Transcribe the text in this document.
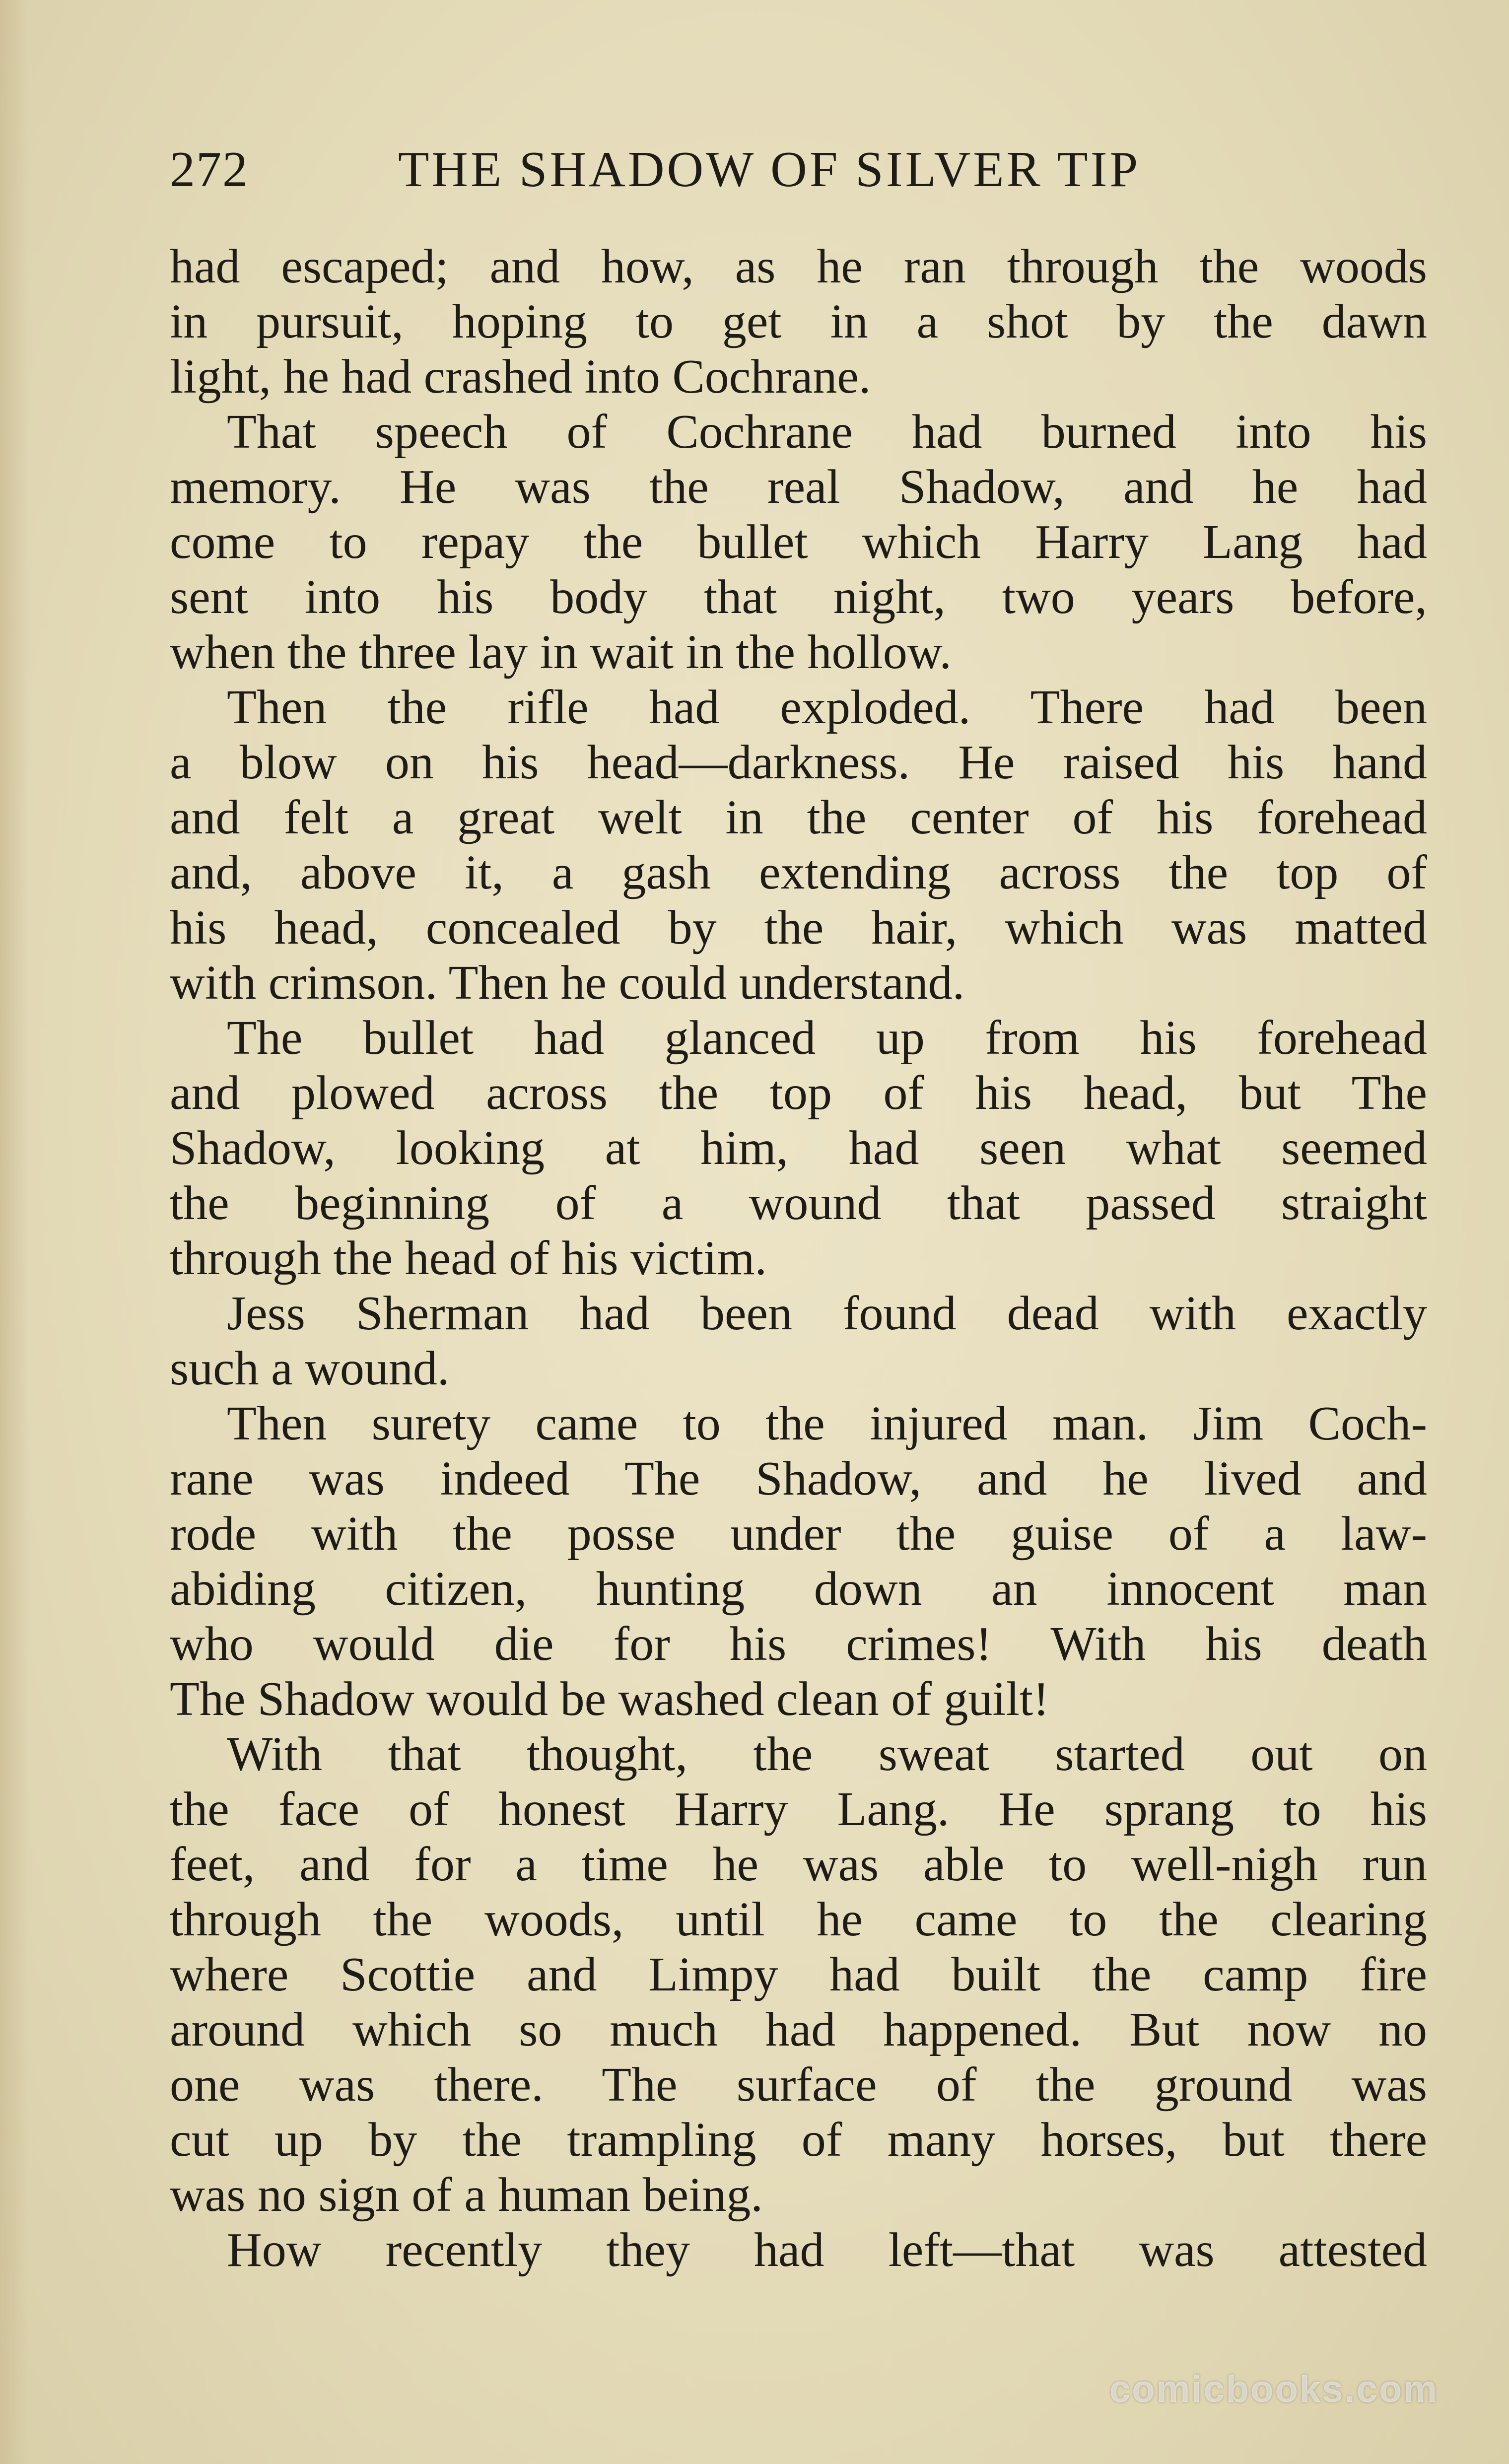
272	THE SHADOW OF SILVER TIP
had escaped; and how, as he ran through the woods
in pursuit, hoping to get in a shot by the dawn
light, he had crashed into Cochrane.
That speech of Cochrane had burned into his
memory. He was the real Shadow, and he had
come to repay the bullet which Harry Lang had
sent into his body that night, two years before,
when the three lay in wait in the hollow.
Then the rifle had exploded. There had been
a blow on his head—darkness. He raised his hand
and felt a great welt in the center of his forehead
and, above it, a gash extending across the top of
his head, concealed by the hair, which was matted
with crimson. Then he could understand.
The bullet had glanced up from his forehead
and plowed across the top of his head, but The
Shadow, looking at him, had seen what seemed
the beginning of a wound that passed straight
through the head of his victim.
Jess Sherman had been found dead with exactly
such a wound.
Then surety came to the injured man. Jim Coch-
rane was indeed The Shadow, and he lived and
rode with the posse under the guise of a law-
abiding citizen, hunting down an innocent man
who would die for his crimes! With his death
The Shadow would be washed clean of guilt!
With that thought, the sweat started out on
the face of honest Harry Lang. He sprang to his
feet, and for a time he was able to well-nigh run
through the woods, until he came to the clearing
where Scottie and Limpy had built the camp fire
around which so much had happened. But now no
one was there. The surface of the ground was
cut up by the trampling of many horses, but there
was no sign of a human being.
How recently they had left—that was attested
comicbooks.com
